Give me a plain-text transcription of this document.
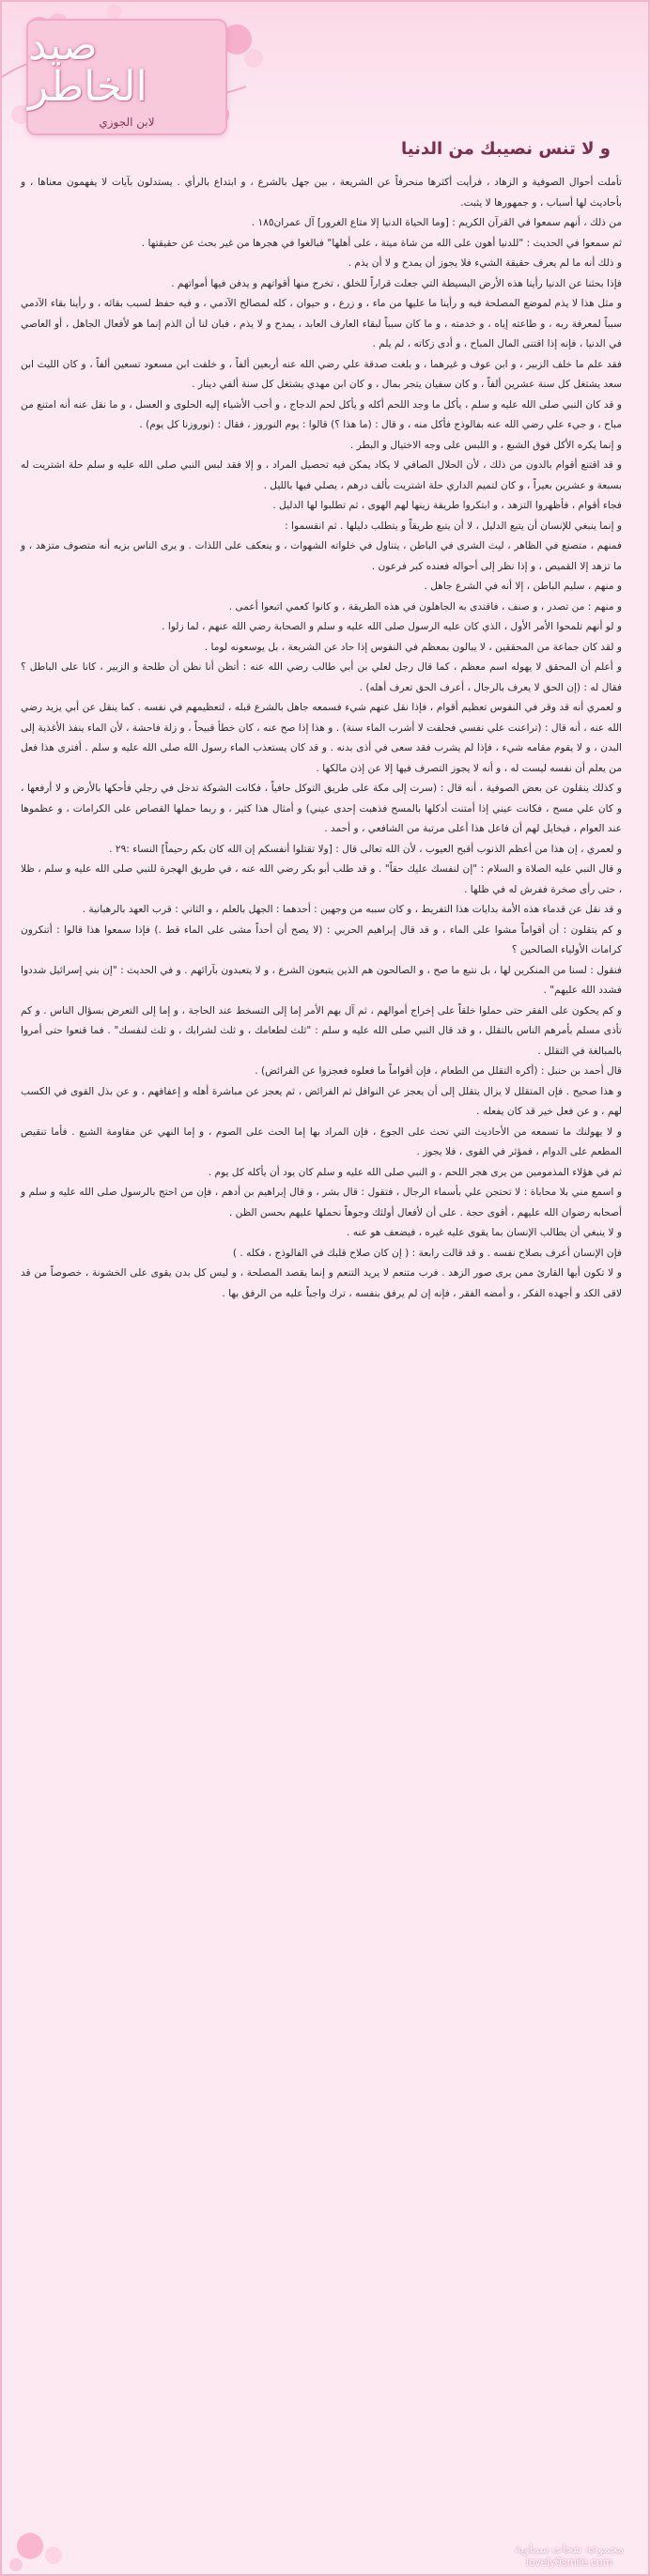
صيد الخاطر
لابن الجوزي
و لا تنس نصيبك من الدنيا

تأملت أحوال الصوفية و الزهاد ، فرأيت أكثرها منحرفاً عن الشريعة ، بين جهل بالشرع ، و ابتداع بالرأي . يستدلون بآيات لا يفهمون معناها ، و بأحاديث لها أسباب ، و جمهورها لا يثبت.

من ذلك ، أنهم سمعوا في القرآن الكريم : [وما الحياة الدنيا إلا متاع الغرور] آل عمران١٨٥ .

ثم سمعوا في الحديث : "للدنيا أهون على الله من شاة ميتة ، على أهلها" فبالغوا في هجرها من غير بحث عن حقيقتها .

و ذلك أنه ما لم يعرف حقيقة الشيء فلا يجوز أن يمدح و لا أن يذم .

فإذا بحثنا عن الدنيا رأينا هذه الأرض البسيطة التي جعلت قراراً للخلق ، تخرج منها أقواتهم و يدفن فيها أمواتهم .

و مثل هذا لا يذم لموضع المصلحة فيه و رأينا ما عليها من ماء ، و زرع ، و حيوان ، كله لمصالح الآدمي ، و فيه حفظ لسبب بقائه ، و رأينا بقاء الآدمي سبباً لمعرفة ربه ، و طاعته إياه ، و خدمته ، و ما كان سبباً لبقاء العارف العابد ، يمدح و لا يذم ، فبان لنا أن الذم إنما هو لأفعال الجاهل ، أو العاصي في الدنيا ، فإنه إذا اقتنى المال المباح ، و أدى زكاته ، لم يلم .

فقد علم ما خلف الزبير ، و ابن عوف و غيرهما ، و بلغت صدقة علي رضي الله عنه أربعين ألفاً ، و خلفت ابن مسعود تسعين ألفاً ، و كان الليث ابن سعد يشتغل كل سنة عشرين ألفاً ، و كان سفيان يتجر بمال ، و كان ابن مهدي يشتغل كل سنة ألفي دينار .

و قد كان النبي صلى الله عليه و سلم ، يأكل ما وجد اللحم أكله و يأكل لحم الدجاج ، و أحب الأشياء إليه الحلوى و العسل ، و ما نقل عنه أنه امتنع من مباح ، و جيء علي رضي الله عنه بفالوذج فأكل منه ، و قال : (ما هذا ؟) قالوا : يوم النوروز ، فقال : (نوروزنا كل يوم) .

و إنما يكره الأكل فوق الشبع ، و اللبس على وجه الاختيال و البطر .

و قد اقتنع أقوام بالدون من ذلك ، لأن الحلال الصافي لا يكاد يمكن فيه تحصيل المراد ، و إلا فقد لبس النبي صلى الله عليه و سلم حلة اشتريت له بسبعة و عشرين بعيراً ، و كان لتميم الداري حلة اشتريت بألف درهم ، يصلي فيها بالليل .

فجاء أقوام ، فأظهروا التزهد ، و ابتكروا طريقة زينها لهم الهوى ، ثم تطلبوا لها الدليل .

و إنما ينبغي للإنسان أن يتبع الدليل ، لا أن يتبع طريقاً و يتطلب دليلها . ثم انقسموا :

فمنهم ، متصنع في الظاهر ، ليث الشرى في الباطن ، يتناول في خلواته الشهوات ، و ينعكف على اللذات . و يرى الناس بزيه أنه متصوف متزهد ، و ما تزهد إلا القميص ، و إذا نظر إلى أحواله فعنده كبر فرعون .

و منهم ، سليم الباطن ، إلا أنه في الشرع جاهل .

و منهم : من تصدر ، و صنف ، فاقتدى به الجاهلون في هذه الطريقة ، و كانوا كعمي اتبعوا أعمى .

و لو أنهم تلمحوا الأمر الأول ، الذي كان عليه الرسول صلى الله عليه و سلم و الصحابة رضي الله عنهم ، لما زلوا .

و لقد كان جماعة من المحققين ، لا يبالون بمعظم في النفوس إذا حاد عن الشريعة ، بل يوسعونه لوما .

و أعلم أن المحقق لا يهوله اسم معظم ، كما قال رجل لعلي بن أبي طالب رضي الله عنه : أتظن أنا نظن أن طلحة و الزبير ، كانا على الباطل ؟ فقال له : (إن الحق لا يعرف بالرجال ، أعرف الحق تعرف أهله) .

و لعمري أنه قد وقر في النفوس تعظيم أقوام ، فإذا نقل عنهم شيء فسمعه جاهل بالشرع قبله ، لتعظيمهم في نفسه . كما ينقل عن أبي يزيد رضي الله عنه ، أنه قال : (تراعنت علي نفسي فحلفت لا أشرب الماء سنة) . و هذا إذا صح عنه ، كان خطأ قبيحاً ، و زلة فاحشة ، لأن الماء ينفذ الأغذية إلى البدن ، و لا يقوم مقامه شيء ، فإذا لم يشرب فقد سعى في أذى بدنه . و قد كان يستعذب الماء رسول الله صلى الله عليه و سلم . أفترى هذا فعل من يعلم أن نفسه ليست له ، و أنه لا يجوز التصرف فيها إلا عن إذن مالكها .

و كذلك ينقلون عن بعض الصوفية ، أنه قال : (سرت إلى مكة على طريق التوكل حافياً ، فكانت الشوكة تدخل في رجلي فأحكها بالأرض و لا أرفعها ، و كان علي مسح ، فكانت عيني إذا أمتنت أدكلها بالمسح فذهبت إحدى عيني) و أمثال هذا كثير ، و ربما حملها القصاص على الكرامات ، و عظموها عند العوام ، فيخايل لهم أن فاعل هذا أعلى مرتبة من الشافعي ، و أحمد .

و لعمري ، إن هذا من أعظم الذنوب أقبح العيوب ، لأن الله تعالى قال : [ولا تقتلوا أنفسكم إن الله كان بكم رحيماً] النساء :٢٩ .

و قال النبي عليه الصلاة و السلام : "إن لنفسك عليك حقاً" . و قد طلب أبو بكر رضي الله عنه ، في طريق الهجرة للنبي صلى الله عليه و سلم ، ظلا ، حتى رأى صخرة ففرش له في ظلها .

و قد نقل عن قدماء هذه الأمة بدايات هذا التفريط ، و كان سببه من وجهين : أحدهما : الجهل بالعلم ، و الثاني : قرب العهد بالرهبانية .

و كم يتقلون : أن أقواماً مشوا على الماء ، و قد قال إبراهيم الحربي : (لا يصح أن أحداً مشى على الماء قط .) فإذا سمعوا هذا قالوا : أتنكرون كرامات الأولياء الصالحين ؟

فنقول : لسنا من المنكرين لها ، بل نتبع ما صح ، و الصالحون هم الذين يتبعون الشرع ، و لا يتعبدون بآرائهم . و في الحديث : "إن بني إسرائيل شددوا فشدد الله عليهم" .

و كم يحكون على الفقر حتى حملوا خلقاً على إخراج أموالهم ، ثم آل بهم الأمر إما إلى التسخط عند الحاجة ، و إما إلى التعرض بسؤال الناس . و كم تأذى مسلم بأمرهم الناس بالتقلل ، و قد قال النبي صلى الله عليه و سلم : "ثلث لطعامك ، و ثلث لشرابك ، و ثلث لنفسك" . فما قنعوا حتى أمروا بالمبالغة في التقلل .

قال أحمد بن حنبل : (أكره التقلل من الطعام ، فإن أقواماً ما فعلوه فعجزوا عن الفرائض) .

و هذا صحيح . فإن المتقلل لا يزال يتقلل إلى أن يعجز عن النوافل ثم الفرائض ، ثم يعجز عن مباشرة أهله و إعفافهم ، و عن بذل القوى في الكسب لهم ، و عن فعل خير قد كان يفعله .

و لا يهولنك ما تسمعه من الأحاديث التي تحث على الجوع ، فإن المراد بها إما الحث على الصوم ، و إما النهي عن مقاومة الشبع . فأما تنقيص المطعم على الدوام ، فمؤثر في القوى ، فلا يجوز .

ثم في هؤلاء المذمومين من يرى هجر اللحم ، و النبي صلى الله عليه و سلم كان يود أن يأكله كل يوم .

و اسمع مني بلا محاباة : لا تحتجن علي بأسماء الرجال ، فتقول : قال بشر ، و قال إبراهيم بن أدهم ، فإن من احتج بالرسول صلى الله عليه و سلم و أصحابه رضوان الله عليهم ، أقوى حجة . على أن لأفعال أولئك وجوهاً نحملها عليهم بحسن الظن .

و لا ينبغي أن يطالب الإنسان بما يقوى عليه غيره ، فيضعف هو عنه .

فإن الإنسان أعرف بصلاح نفسه . و قد قالت رابعة : ( إن كان صلاح قلبك في الفالوذج ، فكله . )

و لا تكون أيها القارئ ممن يرى صور الزهد . فرب متنعم لا يريد التنعم و إنما يقصد المصلحة ، و ليس كل بدن يقوى على الخشونة ، خصوصاً من قد لاقى الكد و أجهده الفكر ، و أمضه الفقر ، فإنه إن لم يرفق بنفسه ، ترك واجباً عليه من الرفق بها .

مجموعة نفحات سماوية
lovely0smile.com
